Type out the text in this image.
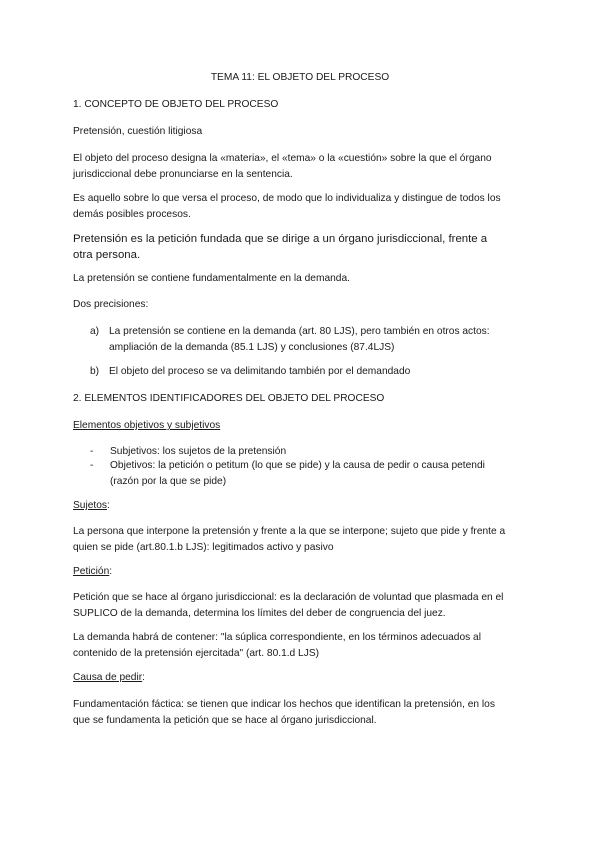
TEMA 11: EL OBJETO DEL PROCESO

1. CONCEPTO DE OBJETO DEL PROCESO

Pretensión, cuestión litigiosa

El objeto del proceso designa la «materia», el «tema» o la «cuestión» sobre la que el órgano jurisdiccional debe pronunciarse en la sentencia.

Es aquello sobre lo que versa el proceso, de modo que lo individualiza y distingue de todos los demás posibles procesos.

Pretensión es la petición fundada que se dirige a un órgano jurisdiccional, frente a otra persona.

La pretensión se contiene fundamentalmente en la demanda.

Dos precisiones:

a) La pretensión se contiene en la demanda (art. 80 LJS), pero también en otros actos: ampliación de la demanda (85.1 LJS) y conclusiones (87.4LJS)
b) El objeto del proceso se va delimitando también por el demandado

2. ELEMENTOS IDENTIFICADORES DEL OBJETO DEL PROCESO

Elementos objetivos y subjetivos

- Subjetivos: los sujetos de la pretensión
- Objetivos: la petición o petitum (lo que se pide) y la causa de pedir o causa petendi (razón por la que se pide)

Sujetos:

La persona que interpone la pretensión y frente a la que se interpone; sujeto que pide y frente a quien se pide (art.80.1.b LJS): legitimados activo y pasivo

Petición:

Petición que se hace al órgano jurisdiccional: es la declaración de voluntad que plasmada en el SUPLICO de la demanda, determina los límites del deber de congruencia del juez.

La demanda habrá de contener: "la súplica correspondiente, en los términos adecuados al contenido de la pretensión ejercitada" (art. 80.1.d LJS)

Causa de pedir:

Fundamentación fáctica: se tienen que indicar los hechos que identifican la pretensión, en los que se fundamenta la petición que se hace al órgano jurisdiccional.
